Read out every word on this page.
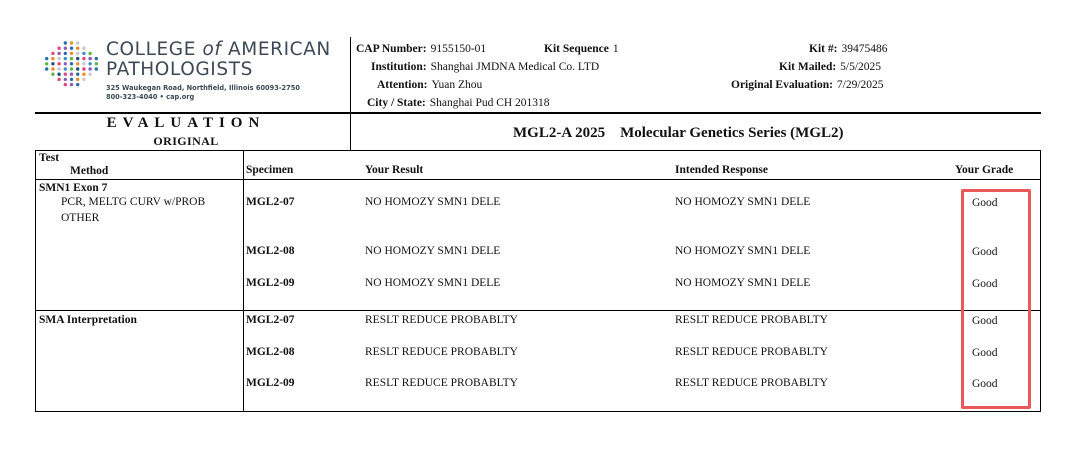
COLLEGE of AMERICAN
PATHOLOGISTS
325 Waukegan Road, Northfield, Illinois 60093-2750
800-323-4040 • cap.org
CAP Number: 9155150-01	Kit Sequence 1
Institution: Shanghai JMDNA Medical Co. LTD
Attention: Yuan Zhou
City / State: Shanghai Pud CH 201318
Kit #: 39475486
Kit Mailed: 5/5/2025
Original Evaluation: 7/29/2025
EVALUATION
ORIGINAL	MGL2-A 2025    Molecular Genetics Series (MGL2)
Test
Method	Specimen	Your Result	Intended Response	Your Grade
SMN1 Exon 7
PCR, MELTG CURV w/PROB
OTHER
MGL2-07	NO HOMOZY SMN1 DELE	NO HOMOZY SMN1 DELE	Good
MGL2-08	NO HOMOZY SMN1 DELE	NO HOMOZY SMN1 DELE	Good
MGL2-09	NO HOMOZY SMN1 DELE	NO HOMOZY SMN1 DELE	Good
SMA Interpretation	MGL2-07	RESLT REDUCE PROBABLTY	RESLT REDUCE PROBABLTY	Good
MGL2-08	RESLT REDUCE PROBABLTY	RESLT REDUCE PROBABLTY	Good
MGL2-09	RESLT REDUCE PROBABLTY	RESLT REDUCE PROBABLTY	Good
